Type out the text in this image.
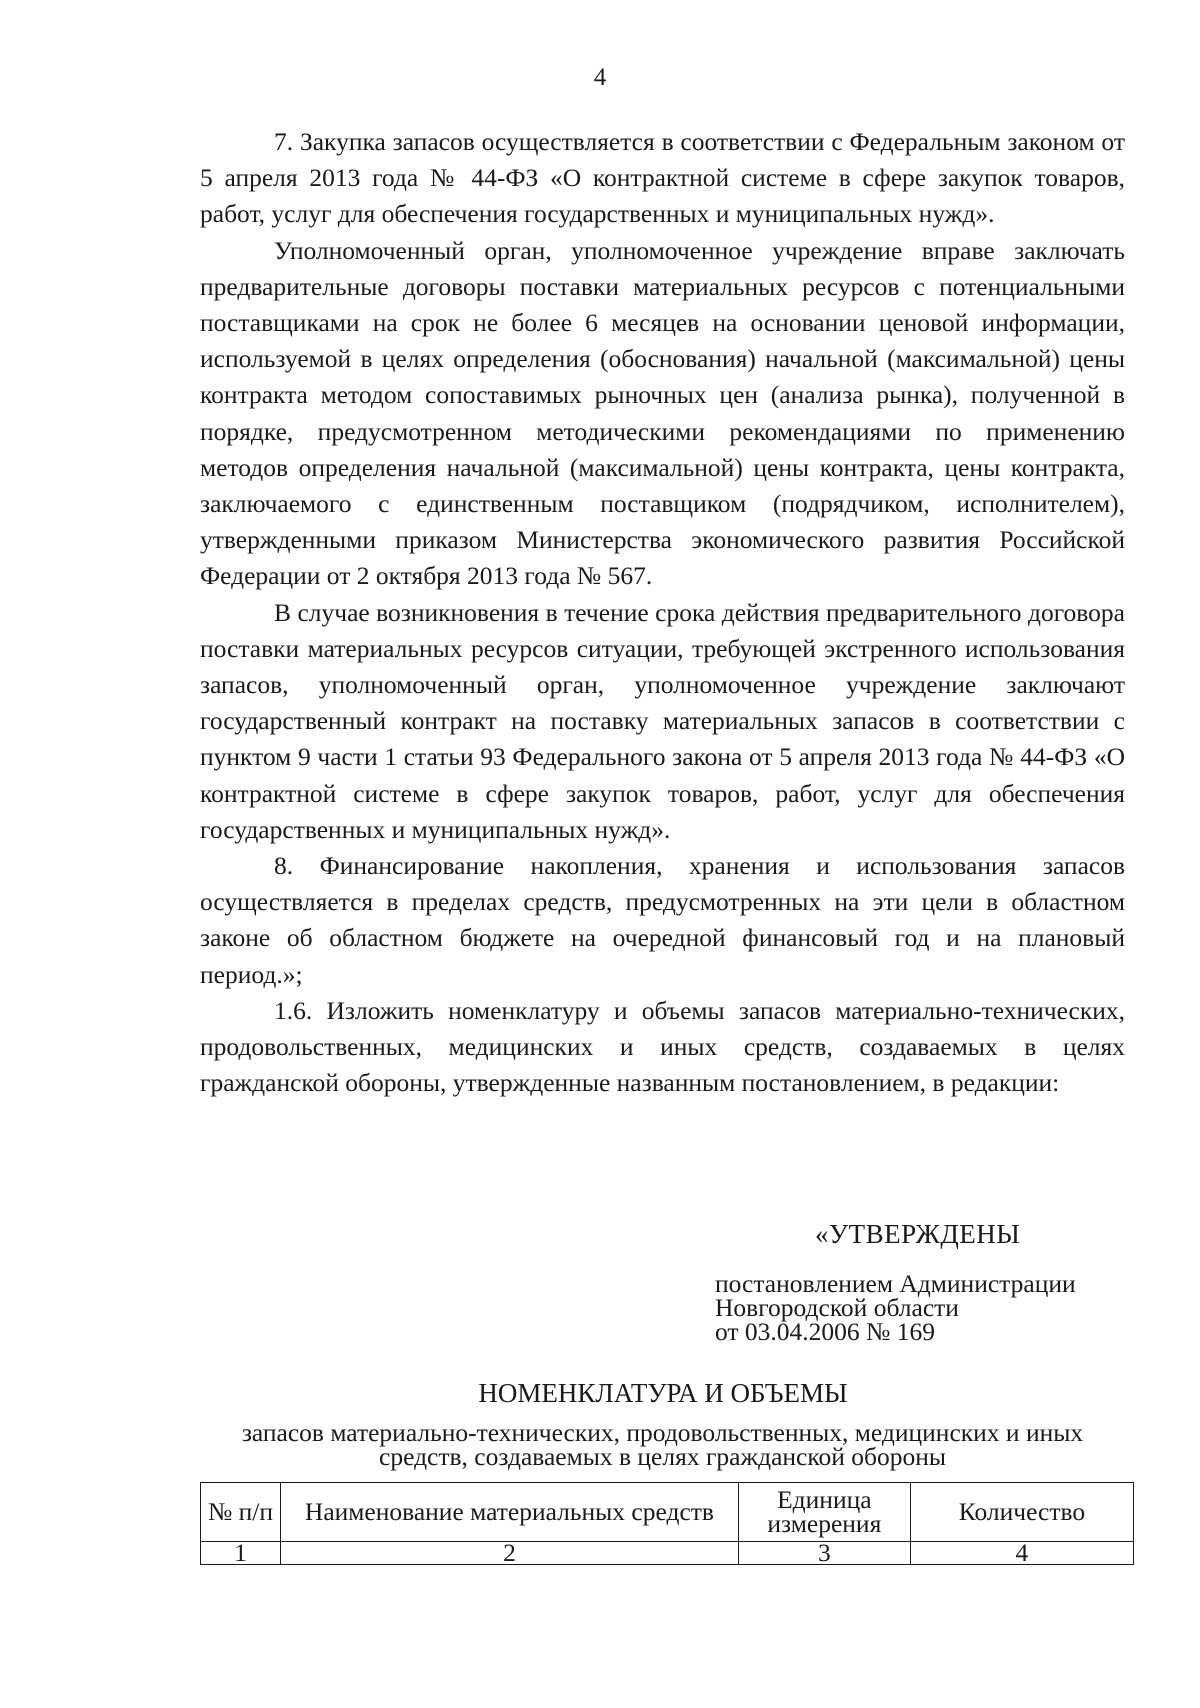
4

7. Закупка запасов осуществляется в соответствии с Федеральным законом от 5 апреля 2013 года № 44-ФЗ «О контрактной системе в сфере закупок товаров, работ, услуг для обеспечения государственных и муниципальных нужд».

Уполномоченный орган, уполномоченное учреждение вправе заключать предварительные договоры поставки материальных ресурсов с потенциальными поставщиками на срок не более 6 месяцев на основании ценовой информации, используемой в целях определения (обоснования) начальной (максимальной) цены контракта методом сопоставимых рыночных цен (анализа рынка), полученной в порядке, предусмотренном методическими рекомендациями по применению методов определения начальной (максимальной) цены контракта, цены контракта, заключаемого с единственным поставщиком (подрядчиком, исполнителем), утвержденными приказом Министерства экономического развития Российской Федерации от 2 октября 2013 года № 567.

В случае возникновения в течение срока действия предварительного договора поставки материальных ресурсов ситуации, требующей экстренного использования запасов, уполномоченный орган, уполномоченное учреждение заключают государственный контракт на поставку материальных запасов в соответствии с пунктом 9 части 1 статьи 93 Федерального закона от 5 апреля 2013 года № 44-ФЗ «О контрактной системе в сфере закупок товаров, работ, услуг для обеспечения государственных и муниципальных нужд».

8. Финансирование накопления, хранения и использования запасов осуществляется в пределах средств, предусмотренных на эти цели в областном законе об областном бюджете на очередной финансовый год и на плановый период.»;

1.6. Изложить номенклатуру и объемы запасов материально-технических, продовольственных, медицинских и иных средств, создаваемых в целях гражданской обороны, утвержденные названным постановлением, в редакции:

«УТВЕРЖДЕНЫ
постановлением Администрации
Новгородской области
от 03.04.2006 № 169
НОМЕНКЛАТУРА И ОБЪЕМЫ
запасов материально-технических, продовольственных, медицинских и иных средств, создаваемых в целях гражданской обороны
№ п/п	Наименование материальных средств	Единица измерения	Количество
1	2	3	4
